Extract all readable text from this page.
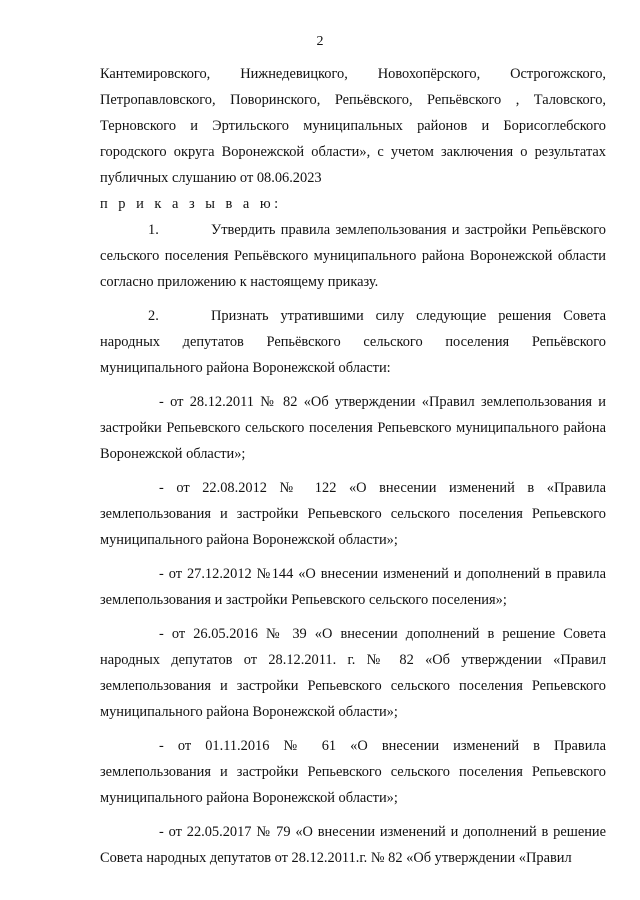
2

Кантемировского, Нижнедевицкого, Новохопёрского, Острогожского, Петропавловского, Поворинского, Репьёвского, Репьёвского , Таловского, Терновского и Эртильского муниципальных районов и Борисоглебского городского округа Воронежской области», с учетом заключения о результатах публичных слушанию от 08.06.2023

п р и к а з ы в а ю:

1.	Утвердить правила землепользования и застройки Репьёвского сельского поселения Репьёвского муниципального района Воронежской области согласно приложению к настоящему приказу.

2.	Признать утратившими силу следующие решения Совета народных депутатов Репьёвского сельского поселения Репьёвского муниципального района Воронежской области:

- от 28.12.2011 № 82 «Об утверждении «Правил землепользования и застройки Репьевского сельского поселения Репьевского муниципального района Воронежской области»;

- от 22.08.2012 № 122 «О внесении изменений в «Правила землепользования и застройки Репьевского сельского поселения Репьевского муниципального района Воронежской области»;

- от 27.12.2012 №144 «О внесении изменений и дополнений в правила землепользования и застройки Репьевского сельского поселения»;

- от 26.05.2016 № 39 «О внесении дополнений в решение Совета народных депутатов от 28.12.2011. г. № 82 «Об утверждении «Правил землепользования и застройки Репьевского сельского поселения Репьевского муниципального района Воронежской области»;

- от 01.11.2016 № 61 «О внесении изменений в Правила землепользования и застройки Репьевского сельского поселения Репьевского муниципального района Воронежской области»;

- от 22.05.2017 № 79 «О внесении изменений и дополнений в решение Совета народных депутатов от 28.12.2011.г. № 82 «Об утверждении «Правил
